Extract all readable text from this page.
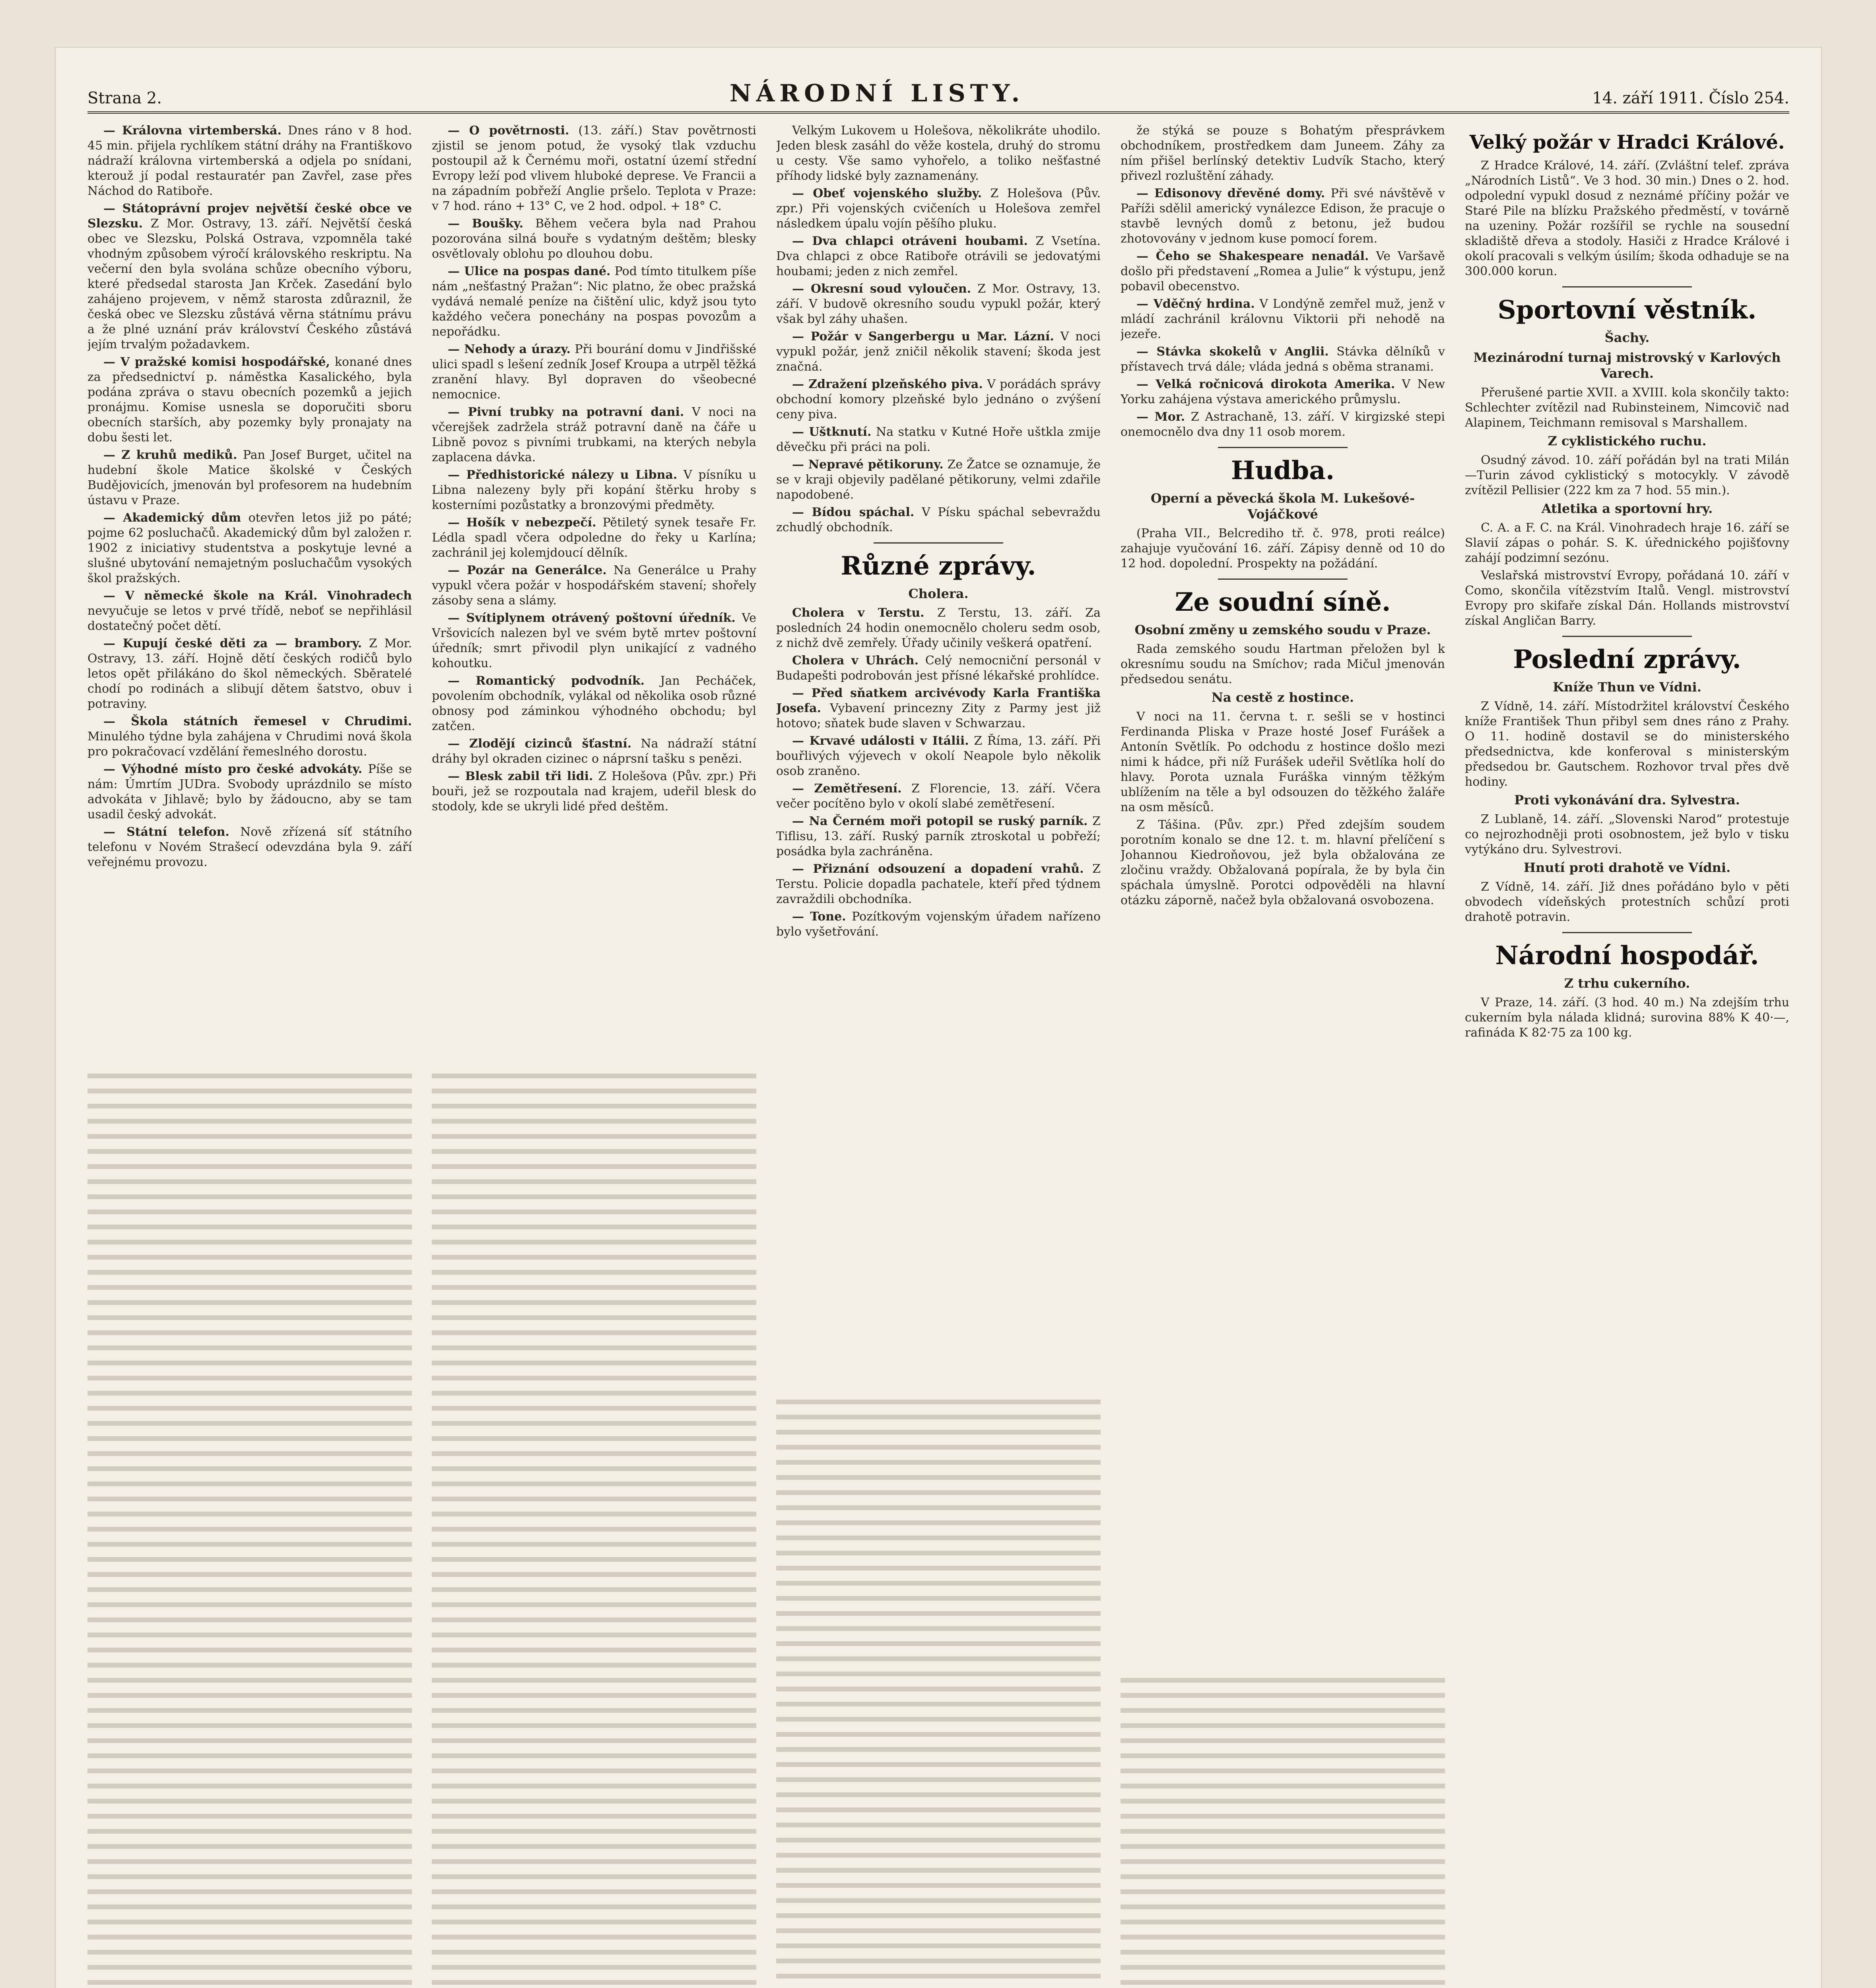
Strana 2.	NÁRODNÍ LISTY.	14. září 1911. Číslo 254.

— Královna virtemberská. Dnes ráno v 8 hod. 45 min. přijela rychlíkem státní dráhy na Františkovo nádraží královna virtemberská a odjela po snídani, kterouž jí podal restauratér pan Zavřel, zase přes Náchod do Ratiboře.

— Státoprávní projev největší české obce ve Slezsku. Z Mor. Ostravy, 13. září. Největší česká obec ve Slezsku, Polská Ostrava, vzpomněla také vhodným způsobem výročí královského reskriptu. Na večerní den byla svolána schůze obecního výboru, které předsedal starosta Jan Krček. Zasedání bylo zahájeno projevem, v němž starosta zdůraznil, že česká obec ve Slezsku zůstává věrna státnímu právu a že plné uznání práv království Českého zůstává jejím trvalým požadavkem.

— V pražské komisi hospodářské, konané dnes za předsednictví p. náměstka Kasalického, byla podána zpráva o stavu obecních pozemků a jejich pronájmu. Komise usnesla se doporučiti sboru obecních starších, aby pozemky byly pronajaty na dobu šesti let.

— Z kruhů mediků. Pan Josef Burget, učitel na hudební škole Matice školské v Českých Budějovicích, jmenován byl profesorem na hudebním ústavu v Praze.

— Akademický dům otevřen letos již po páté; pojme 62 posluchačů. Akademický dům byl založen r. 1902 z iniciativy studentstva a poskytuje levné a slušné ubytování nemajetným posluchačům vysokých škol pražských.

— V německé škole na Král. Vinohradech nevyučuje se letos v prvé třídě, neboť se nepřihlásil dostatečný počet dětí.

— Kupují české děti za — brambory. Z Mor. Ostravy, 13. září. Hojně dětí českých rodičů bylo letos opět přilákáno do škol německých. Sběratelé chodí po rodinách a slibují dětem šatstvo, obuv i potraviny.

— Škola státních řemesel v Chrudimi. Minulého týdne byla zahájena v Chrudimi nová škola pro pokračovací vzdělání řemeslného dorostu.

— Výhodné místo pro české advokáty. Píše se nám: Úmrtím JUDra. Svobody uprázdnilo se místo advokáta v Jihlavě; bylo by žádoucno, aby se tam usadil český advokát.

— Státní telefon. Nově zřízená síť státního telefonu v Novém Strašecí odevzdána byla 9. září veřejnému provozu.

— O povětrnosti. (13. září.) Stav povětrnosti zjistil se jenom potud, že vysoký tlak vzduchu postoupil až k Černému moři, ostatní území střední Evropy leží pod vlivem hluboké deprese. Ve Francii a na západním pobřeží Anglie pršelo. Teplota v Praze: v 7 hod. ráno + 13° C, ve 2 hod. odpol. + 18° C.

— Boušky. Během večera byla nad Prahou pozorována silná bouře s vydatným deštěm; blesky osvětlovaly oblohu po dlouhou dobu.

— Ulice na pospas dané. Pod tímto titulkem píše nám „nešťastný Pražan“: Nic platno, že obec pražská vydává nemalé peníze na čištění ulic, když jsou tyto každého večera ponechány na pospas povozům a nepořádku.

— Nehody a úrazy. Při bourání domu v Jindřišské ulici spadl s lešení zedník Josef Kroupa a utrpěl těžká zranění hlavy. Byl dopraven do všeobecné nemocnice.

— Pivní trubky na potravní dani. V noci na včerejšek zadržela stráž potravní daně na čáře u Libně povoz s pivními trubkami, na kterých nebyla zaplacena dávka.

— Předhistorické nálezy u Libna. V písníku u Libna nalezeny byly při kopání štěrku hroby s kosterními pozůstatky a bronzovými předměty.

— Hošík v nebezpečí. Pětiletý synek tesaře Fr. Lédla spadl včera odpoledne do řeky u Karlína; zachránil jej kolemjdoucí dělník.

— Pozár na Generálce. Na Generálce u Prahy vypukl včera požár v hospodářském stavení; shořely zásoby sena a slámy.

— Svítiplynem otrávený poštovní úředník. Ve Vršovicích nalezen byl ve svém bytě mrtev poštovní úředník; smrt přivodil plyn unikající z vadného kohoutku.

— Romantický podvodník. Jan Pecháček, povolením obchodník, vylákal od několika osob různé obnosy pod záminkou výhodného obchodu; byl zatčen.

— Zlodějí cizinců šťastní. Na nádraží státní dráhy byl okraden cizinec o náprsní tašku s penězi.

— Blesk zabil tři lidi. Z Holešova (Pův. zpr.) Při bouři, jež se rozpoutala nad krajem, udeřil blesk do stodoly, kde se ukryli lidé před deštěm.

Velkým Lukovem u Holešova, několikráte uhodilo. Jeden blesk zasáhl do věže kostela, druhý do stromu u cesty. Vše samo vyhořelo, a toliko nešťastné příhody lidské byly zaznamenány.

— Obeť vojenského služby. Z Holešova (Pův. zpr.) Při vojenských cvičeních u Holešova zemřel následkem úpalu vojín pěšího pluku.

— Dva chlapci otráveni houbami. Z Vsetína. Dva chlapci z obce Ratiboře otrávili se jedovatými houbami; jeden z nich zemřel.

— Okresní soud vyloučen. Z Mor. Ostravy, 13. září. V budově okresního soudu vypukl požár, který však byl záhy uhašen.

— Požár v Sangerbergu u Mar. Lázní. V noci vypukl požár, jenž zničil několik stavení; škoda jest značná.

— Zdražení plzeňského piva. V porádách správy obchodní komory plzeňské bylo jednáno o zvýšení ceny piva.

— Uštknutí. Na statku v Kutné Hoře uštkla zmije děvečku při práci na poli.

— Nepravé pětikoruny. Ze Žatce se oznamuje, že se v kraji objevily padělané pětikoruny, velmi zdařile napodobené.

— Bídou spáchal. V Písku spáchal sebevraždu zchudlý obchodník.

Různé zprávy.
Cholera.

Cholera v Terstu. Z Terstu, 13. září. Za posledních 24 hodin onemocnělo choleru sedm osob, z nichž dvě zemřely. Úřady učinily veškerá opatření.

Cholera v Uhrách. Celý nemocniční personál v Budapešti podrobován jest přísné lékařské prohlídce.

— Před sňatkem arcivévody Karla Františka Josefa. Vybavení princezny Zity z Parmy jest již hotovo; sňatek bude slaven v Schwarzau.

— Krvavé události v Itálii. Z Říma, 13. září. Při bouřlivých výjevech v okolí Neapole bylo několik osob zraněno.

— Zemětřesení. Z Florencie, 13. září. Včera večer pocítěno bylo v okolí slabé zemětřesení.

— Na Černém moři potopil se ruský parník. Z Tiflisu, 13. září. Ruský parník ztroskotal u pobřeží; posádka byla zachráněna.

— Přiznání odsouzení a dopadení vrahů. Z Terstu. Policie dopadla pachatele, kteří před týdnem zavraždili obchodníka.

— Tone. Pozítkovým vojenským úřadem nařízeno bylo vyšetřování.

že stýká se pouze s Bohatým přesprávkem obchodníkem, prostředkem dam Juneem. Záhy za ním přišel berlínský detektiv Ludvík Stacho, který přivezl rozluštění záhady.

— Edisonovy dřevěné domy. Při své návštěvě v Paříži sdělil americký vynálezce Edison, že pracuje o stavbě levných domů z betonu, jež budou zhotovovány v jednom kuse pomocí forem.

— Čeho se Shakespeare nenadál. Ve Varšavě došlo při představení „Romea a Julie“ k výstupu, jenž pobavil obecenstvo.

— Vděčný hrdina. V Londýně zemřel muž, jenž v mládí zachránil královnu Viktorii při nehodě na jezeře.

— Stávka skokelů v Anglii. Stávka dělníků v přístavech trvá dále; vláda jedná s oběma stranami.

— Velká ročnicová dirokota Amerika. V New Yorku zahájena výstava amerického průmyslu.

— Mor. Z Astrachaně, 13. září. V kirgizské stepi onemocnělo dva dny 11 osob morem.

Hudba.
Operní a pěvecká škola M. Lukešové-Vojáčkové

(Praha VII., Belcrediho tř. č. 978, proti reálce) zahajuje vyučování 16. září. Zápisy denně od 10 do 12 hod. dopolední. Prospekty na požádání.

Ze soudní síně.
Osobní změny u zemského soudu v Praze.

Rada zemského soudu Hartman přeložen byl k okresnímu soudu na Smíchov; rada Mičul jmenován předsedou senátu.

Na cestě z hostince.

V noci na 11. června t. r. sešli se v hostinci Ferdinanda Pliska v Praze hosté Josef Furášek a Antonín Světlík. Po odchodu z hostince došlo mezi nimi k hádce, při níž Furášek udeřil Světlíka holí do hlavy. Porota uznala Furáška vinným těžkým ublížením na těle a byl odsouzen do těžkého žaláře na osm měsíců.

Z Tášina. (Pův. zpr.) Před zdejším soudem porotním konalo se dne 12. t. m. hlavní přelíčení s Johannou Kiedroňovou, jež byla obžalována ze zločinu vraždy. Obžalovaná popírala, že by byla čin spáchala úmyslně. Porotci odpověděli na hlavní otázku záporně, načež byla obžalovaná osvobozena.

Velký požár v Hradci Králové.

Z Hradce Králové, 14. září. (Zvláštní telef. zpráva „Národních Listů“. Ve 3 hod. 30 min.) Dnes o 2. hod. odpolední vypukl dosud z neznámé příčiny požár ve Staré Pile na blízku Pražského předměstí, v továrně na uzeniny. Požár rozšířil se rychle na sousední skladiště dřeva a stodoly. Hasiči z Hradce Králové i okolí pracovali s velkým úsilím; škoda odhaduje se na 300.000 korun.

Sportovní věstník.
Šachy.
Mezinárodní turnaj mistrovský v Karlových Varech.

Přerušené partie XVII. a XVIII. kola skončily takto: Schlechter zvítězil nad Rubinsteinem, Nimcovič nad Alapinem, Teichmann remisoval s Marshallem.

Z cyklistického ruchu.

Osudný závod. 10. září pořádán byl na trati Milán—Turin závod cyklistický s motocykly. V závodě zvítězil Pellisier (222 km za 7 hod. 55 min.).

Atletika a sportovní hry.

C. A. a F. C. na Král. Vinohradech hraje 16. září se Slavií zápas o pohár. S. K. úřednického pojišťovny zahájí podzimní sezónu.

Veslařská mistrovství Evropy, pořádaná 10. září v Como, skončila vítězstvím Italů. Vengl. mistrovství Evropy pro skifaře získal Dán. Hollands mistrovství získal Angličan Barry.

Poslední zprávy.
Kníže Thun ve Vídni.

Z Vídně, 14. září. Místodržitel království Českého kníže František Thun přibyl sem dnes ráno z Prahy. O 11. hodině dostavil se do ministerského předsednictva, kde konferoval s ministerským předsedou br. Gautschem. Rozhovor trval přes dvě hodiny.

Proti vykonávání dra. Sylvestra.

Z Lublaně, 14. září. „Slovenski Narod“ protestuje co nejrozhodněji proti osobnostem, jež bylo v tisku vytýkáno dru. Sylvestrovi.

Hnutí proti drahotě ve Vídni.

Z Vídně, 14. září. Již dnes pořádáno bylo v pěti obvodech vídeňských protestních schůzí proti drahotě potravin.

Národní hospodář.
Z trhu cukerního.

V Praze, 14. září. (3 hod. 40 m.) Na zdejším trhu cukerním byla nálada klidná; surovina 88% K 40·—, rafináda K 82·75 za 100 kg.
